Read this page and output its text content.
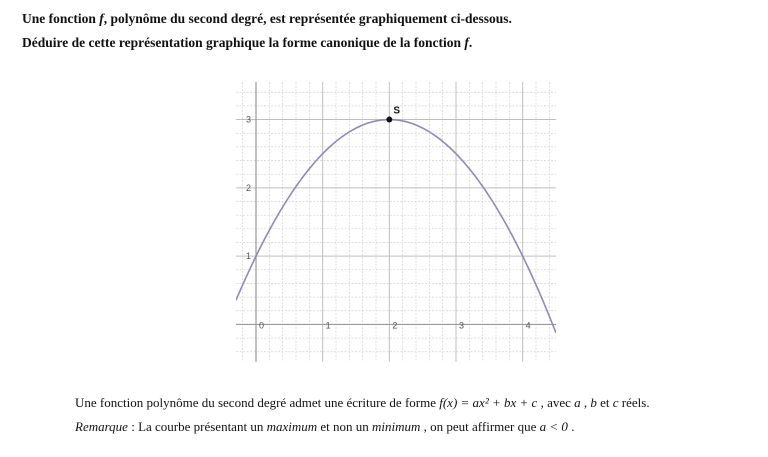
Une fonction f, polynôme du second degré, est représentée graphiquement ci-dessous.
Déduire de cette représentation graphique la forme canonique de la fonction f.
0	1	2	3	4
1
2
3
S
Une fonction polynôme du second degré admet une écriture de forme f(x) = ax² + bx + c , avec a , b et c réels.
Remarque : La courbe présentant un maximum et non un minimum , on peut affirmer que a < 0 .
